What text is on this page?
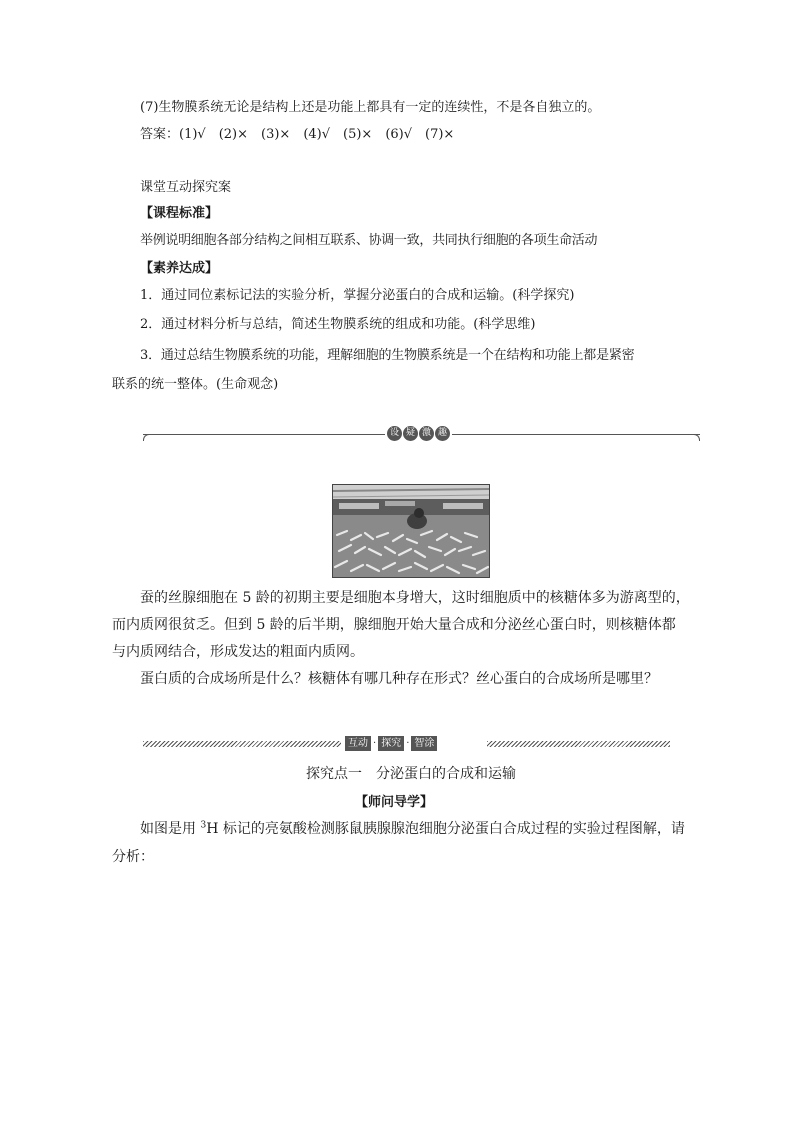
(7)生物膜系统无论是结构上还是功能上都具有一定的连续性，不是各自独立的。
答案：(1)√　(2)×　(3)×　(4)√　(5)×　(6)√　(7)×
课堂互动探究案
【课程标准】
举例说明细胞各部分结构之间相互联系、协调一致，共同执行细胞的各项生命活动
【素养达成】
1．通过同位素标记法的实验分析，掌握分泌蛋白的合成和运输。(科学探究)
2．通过材料分析与总结，简述生物膜系统的组成和功能。(科学思维)
3．通过总结生物膜系统的功能，理解细胞的生物膜系统是一个在结构和功能上都是紧密
联系的统一整体。(生命观念)
设 疑 激 趣
蚕的丝腺细胞在 5 龄的初期主要是细胞本身增大，这时细胞质中的核糖体多为游离型的，
而内质网很贫乏。但到 5 龄的后半期，腺细胞开始大量合成和分泌丝心蛋白时，则核糖体都
与内质网结合，形成发达的粗面内质网。
蛋白质的合成场所是什么？核糖体有哪几种存在形式？丝心蛋白的合成场所是哪里？
互动 · 探究 · 智涂
探究点一　分泌蛋白的合成和运输
【师问导学】
如图是用 $^3$H 标记的亮氨酸检测豚鼠胰腺腺泡细胞分泌蛋白合成过程的实验过程图解，请
分析：
